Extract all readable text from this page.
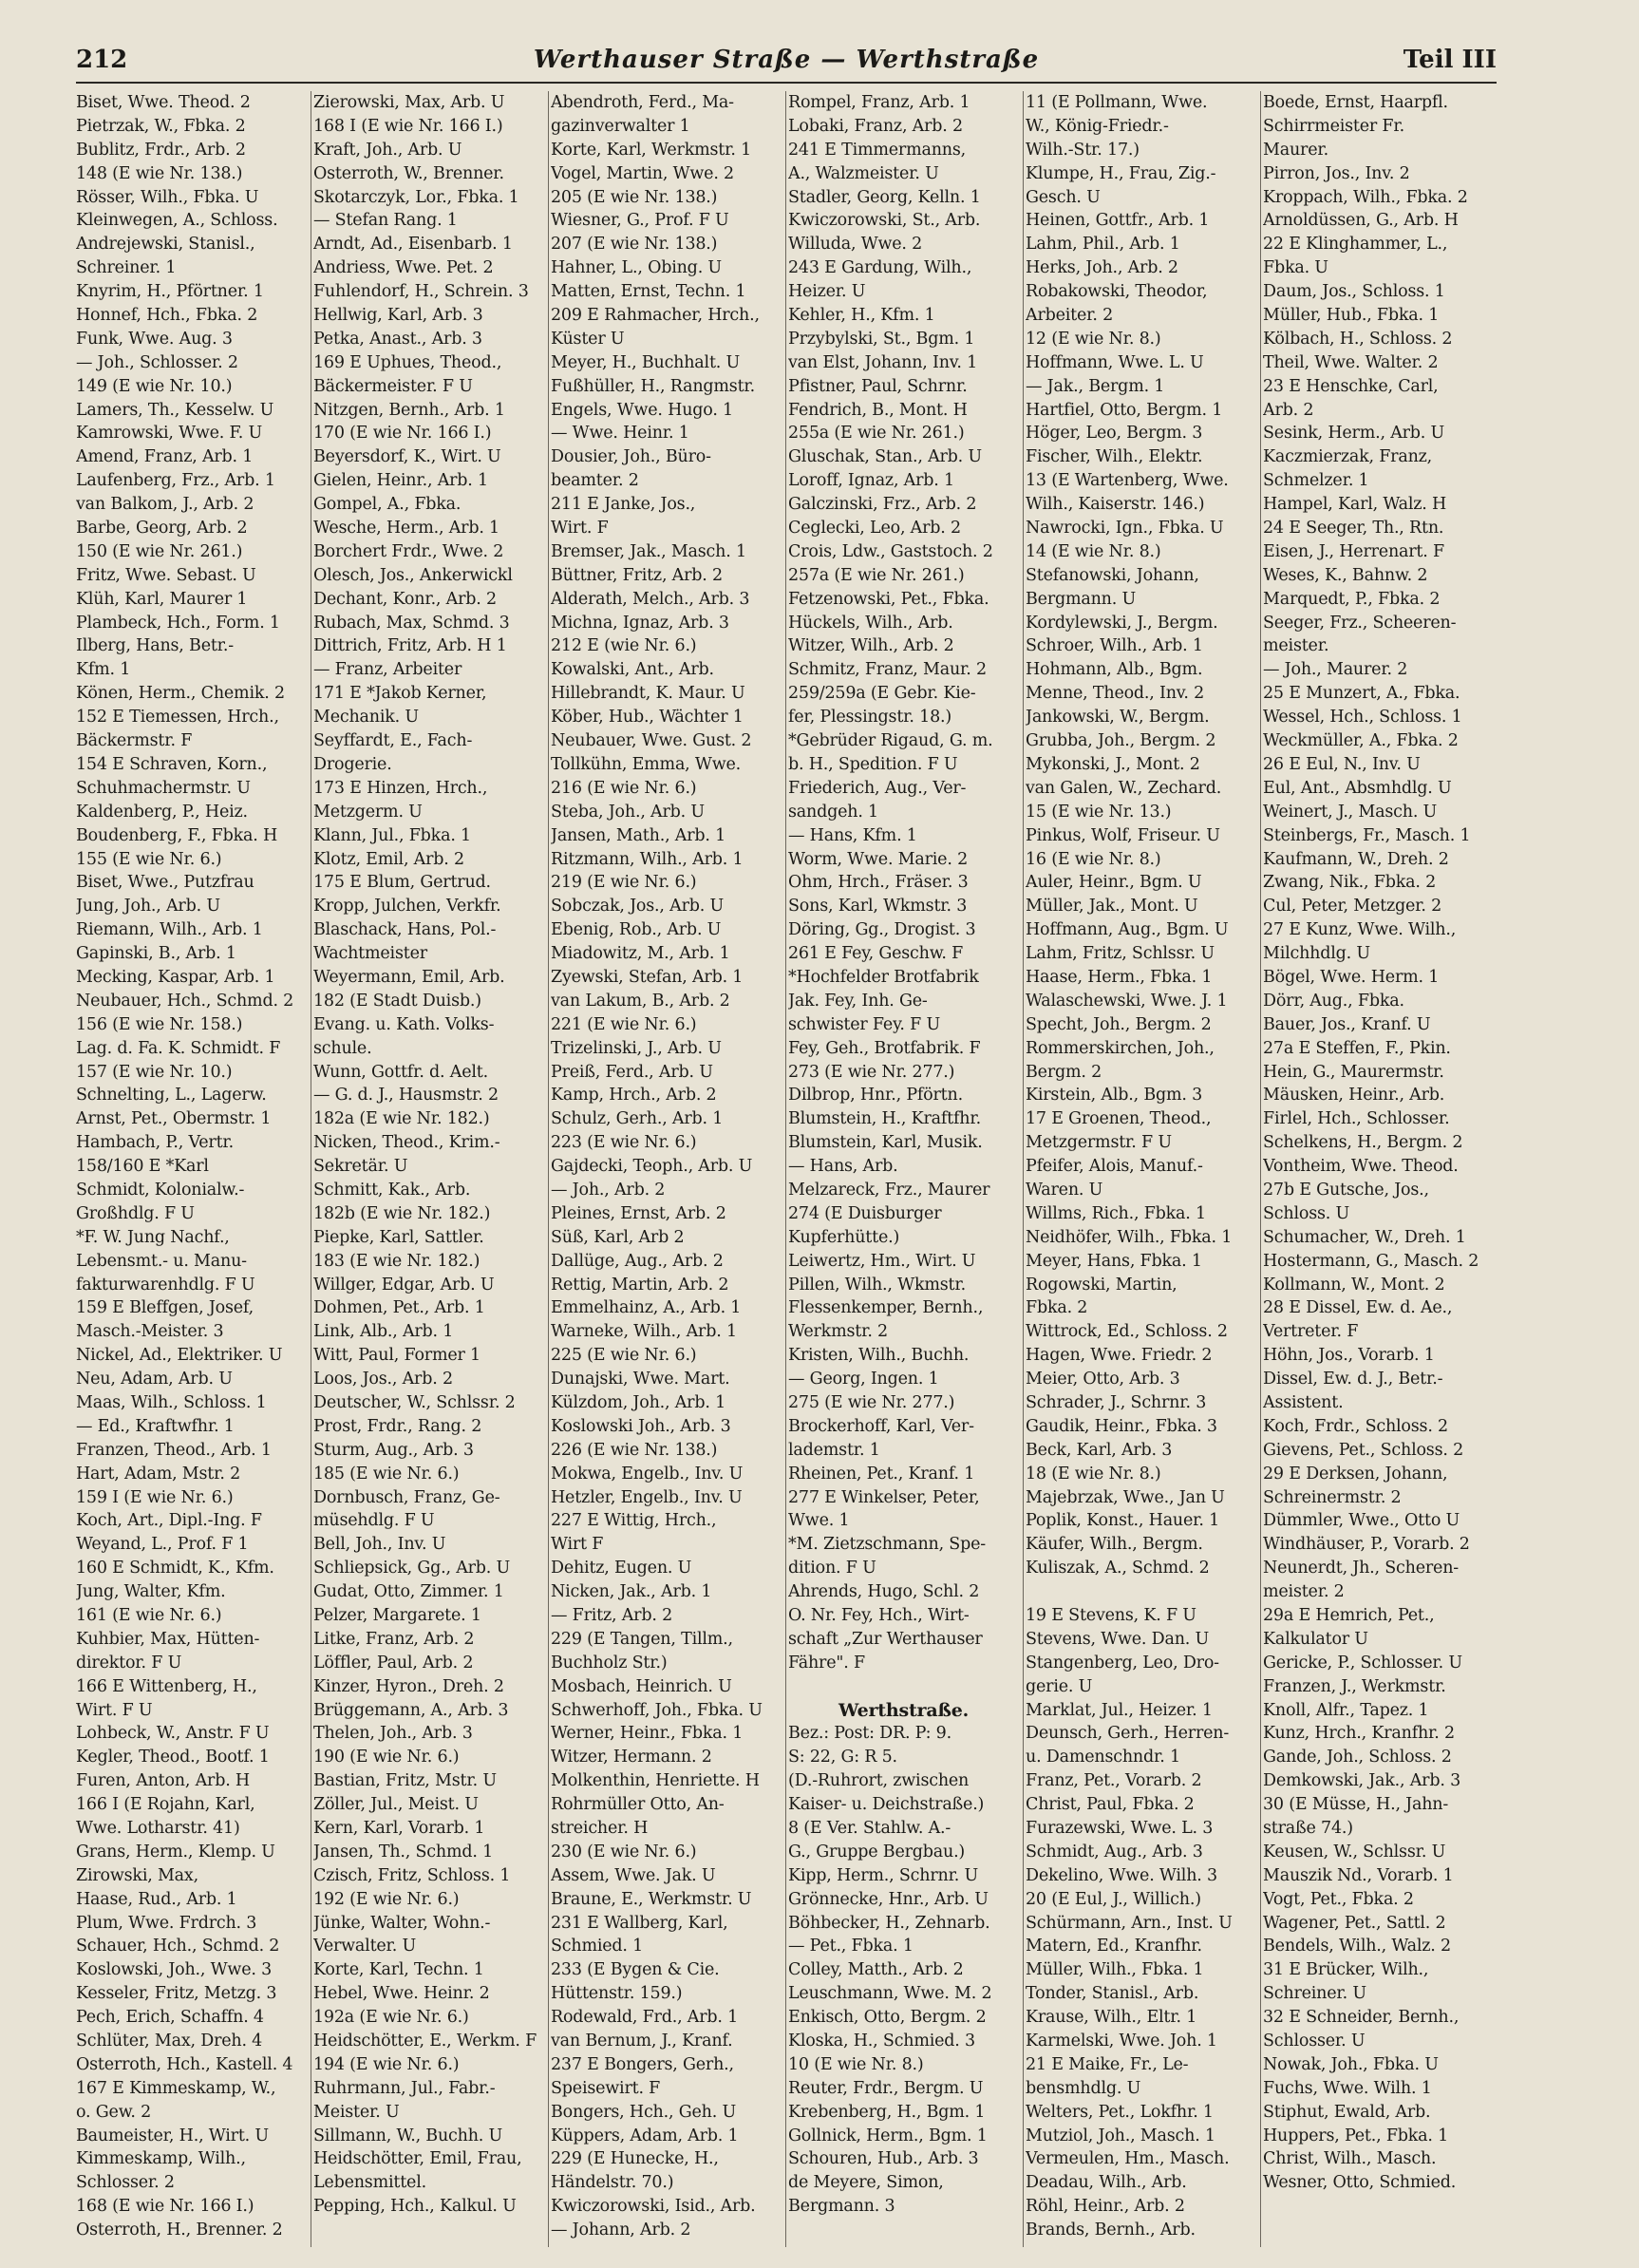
212	Werthauser Straße — Werthstraße	Teil III
Biset, Wwe. Theod. 2
Pietrzak, W., Fbka. 2
Bublitz, Frdr., Arb. 2
148 (E wie Nr. 138.)
Rösser, Wilh., Fbka. U
Kleinwegen, A., Schloss.
Andrejewski, Stanisl.,
Schreiner. 1
Knyrim, H., Pförtner. 1
Honnef, Hch., Fbka. 2
Funk, Wwe. Aug. 3
— Joh., Schlosser. 2
149 (E wie Nr. 10.)
Lamers, Th., Kesselw. U
Kamrowski, Wwe. F. U
Amend, Franz, Arb. 1
Laufenberg, Frz., Arb. 1
van Balkom, J., Arb. 2
Barbe, Georg, Arb. 2
150 (E wie Nr. 261.)
Fritz, Wwe. Sebast. U
Klüh, Karl, Maurer 1
Plambeck, Hch., Form. 1
Ilberg, Hans, Betr.-
Kfm. 1
Könen, Herm., Chemik. 2
152 E Tiemessen, Hrch.,
Bäckermstr. F
154 E Schraven, Korn.,
Schuhmachermstr. U
Kaldenberg, P., Heiz.
Boudenberg, F., Fbka. H
155 (E wie Nr. 6.)
Biset, Wwe., Putzfrau
Jung, Joh., Arb. U
Riemann, Wilh., Arb. 1
Gapinski, B., Arb. 1
Mecking, Kaspar, Arb. 1
Neubauer, Hch., Schmd. 2
156 (E wie Nr. 158.)
Lag. d. Fa. K. Schmidt. F
157 (E wie Nr. 10.)
Schnelting, L., Lagerw.
Arnst, Pet., Obermstr. 1
Hambach, P., Vertr.
158/160 E *Karl
Schmidt, Kolonialw.-
Großhdlg. F U
*F. W. Jung Nachf.,
Lebensmt.- u. Manu-
fakturwarenhdlg. F U
159 E Bleffgen, Josef,
Masch.-Meister. 3
Nickel, Ad., Elektriker. U
Neu, Adam, Arb. U
Maas, Wilh., Schloss. 1
— Ed., Kraftwfhr. 1
Franzen, Theod., Arb. 1
Hart, Adam, Mstr. 2
159 I (E wie Nr. 6.)
Koch, Art., Dipl.-Ing. F
Weyand, L., Prof. F 1
160 E Schmidt, K., Kfm.
Jung, Walter, Kfm.
161 (E wie Nr. 6.)
Kuhbier, Max, Hütten-
direktor. F U
166 E Wittenberg, H.,
Wirt. F U
Lohbeck, W., Anstr. F U
Kegler, Theod., Bootf. 1
Furen, Anton, Arb. H
166 I (E Rojahn, Karl,
Wwe. Lotharstr. 41)
Grans, Herm., Klemp. U
Zirowski, Max,
Haase, Rud., Arb. 1
Plum, Wwe. Frdrch. 3
Schauer, Hch., Schmd. 2
Koslowski, Joh., Wwe. 3
Kesseler, Fritz, Metzg. 3
Pech, Erich, Schaffn. 4
Schlüter, Max, Dreh. 4
Osterroth, Hch., Kastell. 4
167 E Kimmeskamp, W.,
o. Gew. 2
Baumeister, H., Wirt. U
Kimmeskamp, Wilh.,
Schlosser. 2
168 (E wie Nr. 166 I.)
Osterroth, H., Brenner. 2
Zierowski, Max, Arb. U
168 I (E wie Nr. 166 I.)
Kraft, Joh., Arb. U
Osterroth, W., Brenner.
Skotarczyk, Lor., Fbka. 1
— Stefan Rang. 1
Arndt, Ad., Eisenbarb. 1
Andriess, Wwe. Pet. 2
Fuhlendorf, H., Schrein. 3
Hellwig, Karl, Arb. 3
Petka, Anast., Arb. 3
169 E Uphues, Theod.,
Bäckermeister. F U
Nitzgen, Bernh., Arb. 1
170 (E wie Nr. 166 I.)
Beyersdorf, K., Wirt. U
Gielen, Heinr., Arb. 1
Gompel, A., Fbka.
Wesche, Herm., Arb. 1
Borchert Frdr., Wwe. 2
Olesch, Jos., Ankerwickl
Dechant, Konr., Arb. 2
Rubach, Max, Schmd. 3
Dittrich, Fritz, Arb. H 1
— Franz, Arbeiter
171 E *Jakob Kerner,
Mechanik. U
Seyffardt, E., Fach-
Drogerie.
173 E Hinzen, Hrch.,
Metzgerm. U
Klann, Jul., Fbka. 1
Klotz, Emil, Arb. 2
175 E Blum, Gertrud.
Kropp, Julchen, Verkfr.
Blaschack, Hans, Pol.-
Wachtmeister
Weyermann, Emil, Arb.
182 (E Stadt Duisb.)
Evang. u. Kath. Volks-
schule.
Wunn, Gottfr. d. Aelt.
— G. d. J., Hausmstr. 2
182a (E wie Nr. 182.)
Nicken, Theod., Krim.-
Sekretär. U
Schmitt, Kak., Arb.
182b (E wie Nr. 182.)
Piepke, Karl, Sattler.
183 (E wie Nr. 182.)
Willger, Edgar, Arb. U
Dohmen, Pet., Arb. 1
Link, Alb., Arb. 1
Witt, Paul, Former 1
Loos, Jos., Arb. 2
Deutscher, W., Schlssr. 2
Prost, Frdr., Rang. 2
Sturm, Aug., Arb. 3
185 (E wie Nr. 6.)
Dornbusch, Franz, Ge-
müsehdlg. F U
Bell, Joh., Inv. U
Schliepsick, Gg., Arb. U
Gudat, Otto, Zimmer. 1
Pelzer, Margarete. 1
Litke, Franz, Arb. 2
Löffler, Paul, Arb. 2
Kinzer, Hyron., Dreh. 2
Brüggemann, A., Arb. 3
Thelen, Joh., Arb. 3
190 (E wie Nr. 6.)
Bastian, Fritz, Mstr. U
Zöller, Jul., Meist. U
Kern, Karl, Vorarb. 1
Jansen, Th., Schmd. 1
Czisch, Fritz, Schloss. 1
192 (E wie Nr. 6.)
Jünke, Walter, Wohn.-
Verwalter. U
Korte, Karl, Techn. 1
Hebel, Wwe. Heinr. 2
192a (E wie Nr. 6.)
Heidschötter, E., Werkm. F
194 (E wie Nr. 6.)
Ruhrmann, Jul., Fabr.-
Meister. U
Sillmann, W., Buchh. U
Heidschötter, Emil, Frau,
Lebensmittel.
Pepping, Hch., Kalkul. U
Abendroth, Ferd., Ma-
gazinverwalter 1
Korte, Karl, Werkmstr. 1
Vogel, Martin, Wwe. 2
205 (E wie Nr. 138.)
Wiesner, G., Prof. F U
207 (E wie Nr. 138.)
Hahner, L., Obing. U
Matten, Ernst, Techn. 1
209 E Rahmacher, Hrch.,
Küster U
Meyer, H., Buchhalt. U
Fußhüller, H., Rangmstr.
Engels, Wwe. Hugo. 1
— Wwe. Heinr. 1
Dousier, Joh., Büro-
beamter. 2
211 E Janke, Jos.,
Wirt. F
Bremser, Jak., Masch. 1
Büttner, Fritz, Arb. 2
Alderath, Melch., Arb. 3
Michna, Ignaz, Arb. 3
212 E (wie Nr. 6.)
Kowalski, Ant., Arb.
Hillebrandt, K. Maur. U
Köber, Hub., Wächter 1
Neubauer, Wwe. Gust. 2
Tollkühn, Emma, Wwe.
216 (E wie Nr. 6.)
Steba, Joh., Arb. U
Jansen, Math., Arb. 1
Ritzmann, Wilh., Arb. 1
219 (E wie Nr. 6.)
Sobczak, Jos., Arb. U
Ebenig, Rob., Arb. U
Miadowitz, M., Arb. 1
Zyewski, Stefan, Arb. 1
van Lakum, B., Arb. 2
221 (E wie Nr. 6.)
Trizelinski, J., Arb. U
Preiß, Ferd., Arb. U
Kamp, Hrch., Arb. 2
Schulz, Gerh., Arb. 1
223 (E wie Nr. 6.)
Gajdecki, Teoph., Arb. U
— Joh., Arb. 2
Pleines, Ernst, Arb. 2
Süß, Karl, Arb 2
Dallüge, Aug., Arb. 2
Rettig, Martin, Arb. 2
Emmelhainz, A., Arb. 1
Warneke, Wilh., Arb. 1
225 (E wie Nr. 6.)
Dunajski, Wwe. Mart.
Külzdom, Joh., Arb. 1
Koslowski Joh., Arb. 3
226 (E wie Nr. 138.)
Mokwa, Engelb., Inv. U
Hetzler, Engelb., Inv. U
227 E Wittig, Hrch.,
Wirt F
Dehitz, Eugen. U
Nicken, Jak., Arb. 1
— Fritz, Arb. 2
229 (E Tangen, Tillm.,
Buchholz Str.)
Mosbach, Heinrich. U
Schwerhoff, Joh., Fbka. U
Werner, Heinr., Fbka. 1
Witzer, Hermann. 2
Molkenthin, Henriette. H
Rohrmüller Otto, An-
streicher. H
230 (E wie Nr. 6.)
Assem, Wwe. Jak. U
Braune, E., Werkmstr. U
231 E Wallberg, Karl,
Schmied. 1
233 (E Bygen & Cie.
Hüttenstr. 159.)
Rodewald, Frd., Arb. 1
van Bernum, J., Kranf.
237 E Bongers, Gerh.,
Speisewirt. F
Bongers, Hch., Geh. U
Küppers, Adam, Arb. 1
229 (E Hunecke, H.,
Händelstr. 70.)
Kwiczorowski, Isid., Arb.
— Johann, Arb. 2
Rompel, Franz, Arb. 1
Lobaki, Franz, Arb. 2
241 E Timmermanns,
A., Walzmeister. U
Stadler, Georg, Kelln. 1
Kwiczorowski, St., Arb.
Willuda, Wwe. 2
243 E Gardung, Wilh.,
Heizer. U
Kehler, H., Kfm. 1
Przybylski, St., Bgm. 1
van Elst, Johann, Inv. 1
Pfistner, Paul, Schrnr.
Fendrich, B., Mont. H
255a (E wie Nr. 261.)
Gluschak, Stan., Arb. U
Loroff, Ignaz, Arb. 1
Galczinski, Frz., Arb. 2
Ceglecki, Leo, Arb. 2
Crois, Ldw., Gaststoch. 2
257a (E wie Nr. 261.)
Fetzenowski, Pet., Fbka.
Hückels, Wilh., Arb.
Witzer, Wilh., Arb. 2
Schmitz, Franz, Maur. 2
259/259a (E Gebr. Kie-
fer, Plessingstr. 18.)
*Gebrüder Rigaud, G. m.
b. H., Spedition. F U
Friederich, Aug., Ver-
sandgeh. 1
— Hans, Kfm. 1
Worm, Wwe. Marie. 2
Ohm, Hrch., Fräser. 3
Sons, Karl, Wkmstr. 3
Döring, Gg., Drogist. 3
261 E Fey, Geschw. F
*Hochfelder Brotfabrik
Jak. Fey, Inh. Ge-
schwister Fey. F U
Fey, Geh., Brotfabrik. F
273 (E wie Nr. 277.)
Dilbrop, Hnr., Pförtn.
Blumstein, H., Kraftfhr.
Blumstein, Karl, Musik.
— Hans, Arb.
Melzareck, Frz., Maurer
274 (E Duisburger
Kupferhütte.)
Leiwertz, Hm., Wirt. U
Pillen, Wilh., Wkmstr.
Flessenkemper, Bernh.,
Werkmstr. 2
Kristen, Wilh., Buchh.
— Georg, Ingen. 1
275 (E wie Nr. 277.)
Brockerhoff, Karl, Ver-
lademstr. 1
Rheinen, Pet., Kranf. 1
277 E Winkelser, Peter,
Wwe. 1
*M. Zietzschmann, Spe-
dition. F U
Ahrends, Hugo, Schl. 2
O. Nr. Fey, Hch., Wirt-
schaft „Zur Werthauser
Fähre". F
Werthstraße.
Bez.: Post: DR. P: 9.
S: 22, G: R 5.
(D.-Ruhrort, zwischen
Kaiser- u. Deichstraße.)
8 (E Ver. Stahlw. A.-
G., Gruppe Bergbau.)
Kipp, Herm., Schrnr. U
Grönnecke, Hnr., Arb. U
Böhbecker, H., Zehnarb.
— Pet., Fbka. 1
Colley, Matth., Arb. 2
Leuschmann, Wwe. M. 2
Enkisch, Otto, Bergm. 2
Kloska, H., Schmied. 3
10 (E wie Nr. 8.)
Reuter, Frdr., Bergm. U
Krebenberg, H., Bgm. 1
Gollnick, Herm., Bgm. 1
Schouren, Hub., Arb. 3
de Meyere, Simon,
Bergmann. 3
11 (E Pollmann, Wwe.
W., König-Friedr.-
Wilh.-Str. 17.)
Klumpe, H., Frau, Zig.-
Gesch. U
Heinen, Gottfr., Arb. 1
Lahm, Phil., Arb. 1
Herks, Joh., Arb. 2
Robakowski, Theodor,
Arbeiter. 2
12 (E wie Nr. 8.)
Hoffmann, Wwe. L. U
— Jak., Bergm. 1
Hartfiel, Otto, Bergm. 1
Höger, Leo, Bergm. 3
Fischer, Wilh., Elektr.
13 (E Wartenberg, Wwe.
Wilh., Kaiserstr. 146.)
Nawrocki, Ign., Fbka. U
14 (E wie Nr. 8.)
Stefanowski, Johann,
Bergmann. U
Kordylewski, J., Bergm.
Schroer, Wilh., Arb. 1
Hohmann, Alb., Bgm.
Menne, Theod., Inv. 2
Jankowski, W., Bergm.
Grubba, Joh., Bergm. 2
Mykonski, J., Mont. 2
van Galen, W., Zechard.
15 (E wie Nr. 13.)
Pinkus, Wolf, Friseur. U
16 (E wie Nr. 8.)
Auler, Heinr., Bgm. U
Müller, Jak., Mont. U
Hoffmann, Aug., Bgm. U
Lahm, Fritz, Schlssr. U
Haase, Herm., Fbka. 1
Walaschewski, Wwe. J. 1
Specht, Joh., Bergm. 2
Rommerskirchen, Joh.,
Bergm. 2
Kirstein, Alb., Bgm. 3
17 E Groenen, Theod.,
Metzgermstr. F U
Pfeifer, Alois, Manuf.-
Waren. U
Willms, Rich., Fbka. 1
Neidhöfer, Wilh., Fbka. 1
Meyer, Hans, Fbka. 1
Rogowski, Martin,
Fbka. 2
Wittrock, Ed., Schloss. 2
Hagen, Wwe. Friedr. 2
Meier, Otto, Arb. 3
Schrader, J., Schrnr. 3
Gaudik, Heinr., Fbka. 3
Beck, Karl, Arb. 3
18 (E wie Nr. 8.)
Majebrzak, Wwe., Jan U
Poplik, Konst., Hauer. 1
Käufer, Wilh., Bergm.
Kuliszak, A., Schmd. 2
19 E Stevens, K. F U
Stevens, Wwe. Dan. U
Stangenberg, Leo, Dro-
gerie. U
Marklat, Jul., Heizer. 1
Deunsch, Gerh., Herren-
u. Damenschndr. 1
Franz, Pet., Vorarb. 2
Christ, Paul, Fbka. 2
Furazewski, Wwe. L. 3
Schmidt, Aug., Arb. 3
Dekelino, Wwe. Wilh. 3
20 (E Eul, J., Willich.)
Schürmann, Arn., Inst. U
Matern, Ed., Kranfhr.
Müller, Wilh., Fbka. 1
Tonder, Stanisl., Arb.
Krause, Wilh., Eltr. 1
Karmelski, Wwe. Joh. 1
21 E Maike, Fr., Le-
bensmhdlg. U
Welters, Pet., Lokfhr. 1
Mutziol, Joh., Masch. 1
Vermeulen, Hm., Masch.
Deadau, Wilh., Arb.
Röhl, Heinr., Arb. 2
Brands, Bernh., Arb.
Boede, Ernst, Haarpfl.
Schirrmeister Fr.
Maurer.
Pirron, Jos., Inv. 2
Kroppach, Wilh., Fbka. 2
Arnoldüssen, G., Arb. H
22 E Klinghammer, L.,
Fbka. U
Daum, Jos., Schloss. 1
Müller, Hub., Fbka. 1
Kölbach, H., Schloss. 2
Theil, Wwe. Walter. 2
23 E Henschke, Carl,
Arb. 2
Sesink, Herm., Arb. U
Kaczmierzak, Franz,
Schmelzer. 1
Hampel, Karl, Walz. H
24 E Seeger, Th., Rtn.
Eisen, J., Herrenart. F
Weses, K., Bahnw. 2
Marquedt, P., Fbka. 2
Seeger, Frz., Scheeren-
meister.
— Joh., Maurer. 2
25 E Munzert, A., Fbka.
Wessel, Hch., Schloss. 1
Weckmüller, A., Fbka. 2
26 E Eul, N., Inv. U
Eul, Ant., Absmhdlg. U
Weinert, J., Masch. U
Steinbergs, Fr., Masch. 1
Kaufmann, W., Dreh. 2
Zwang, Nik., Fbka. 2
Cul, Peter, Metzger. 2
27 E Kunz, Wwe. Wilh.,
Milchhdlg. U
Bögel, Wwe. Herm. 1
Dörr, Aug., Fbka.
Bauer, Jos., Kranf. U
27a E Steffen, F., Pkin.
Hein, G., Maurermstr.
Mäusken, Heinr., Arb.
Firlel, Hch., Schlosser.
Schelkens, H., Bergm. 2
Vontheim, Wwe. Theod.
27b E Gutsche, Jos.,
Schloss. U
Schumacher, W., Dreh. 1
Hostermann, G., Masch. 2
Kollmann, W., Mont. 2
28 E Dissel, Ew. d. Ae.,
Vertreter. F
Höhn, Jos., Vorarb. 1
Dissel, Ew. d. J., Betr.-
Assistent.
Koch, Frdr., Schloss. 2
Gievens, Pet., Schloss. 2
29 E Derksen, Johann,
Schreinermstr. 2
Dümmler, Wwe., Otto U
Windhäuser, P., Vorarb. 2
Neunerdt, Jh., Scheren-
meister. 2
29a E Hemrich, Pet.,
Kalkulator U
Gericke, P., Schlosser. U
Franzen, J., Werkmstr.
Knoll, Alfr., Tapez. 1
Kunz, Hrch., Kranfhr. 2
Gande, Joh., Schloss. 2
Demkowski, Jak., Arb. 3
30 (E Müsse, H., Jahn-
straße 74.)
Keusen, W., Schlssr. U
Mauszik Nd., Vorarb. 1
Vogt, Pet., Fbka. 2
Wagener, Pet., Sattl. 2
Bendels, Wilh., Walz. 2
31 E Brücker, Wilh.,
Schreiner. U
32 E Schneider, Bernh.,
Schlosser. U
Nowak, Joh., Fbka. U
Fuchs, Wwe. Wilh. 1
Stiphut, Ewald, Arb.
Huppers, Pet., Fbka. 1
Christ, Wilh., Masch.
Wesner, Otto, Schmied.
